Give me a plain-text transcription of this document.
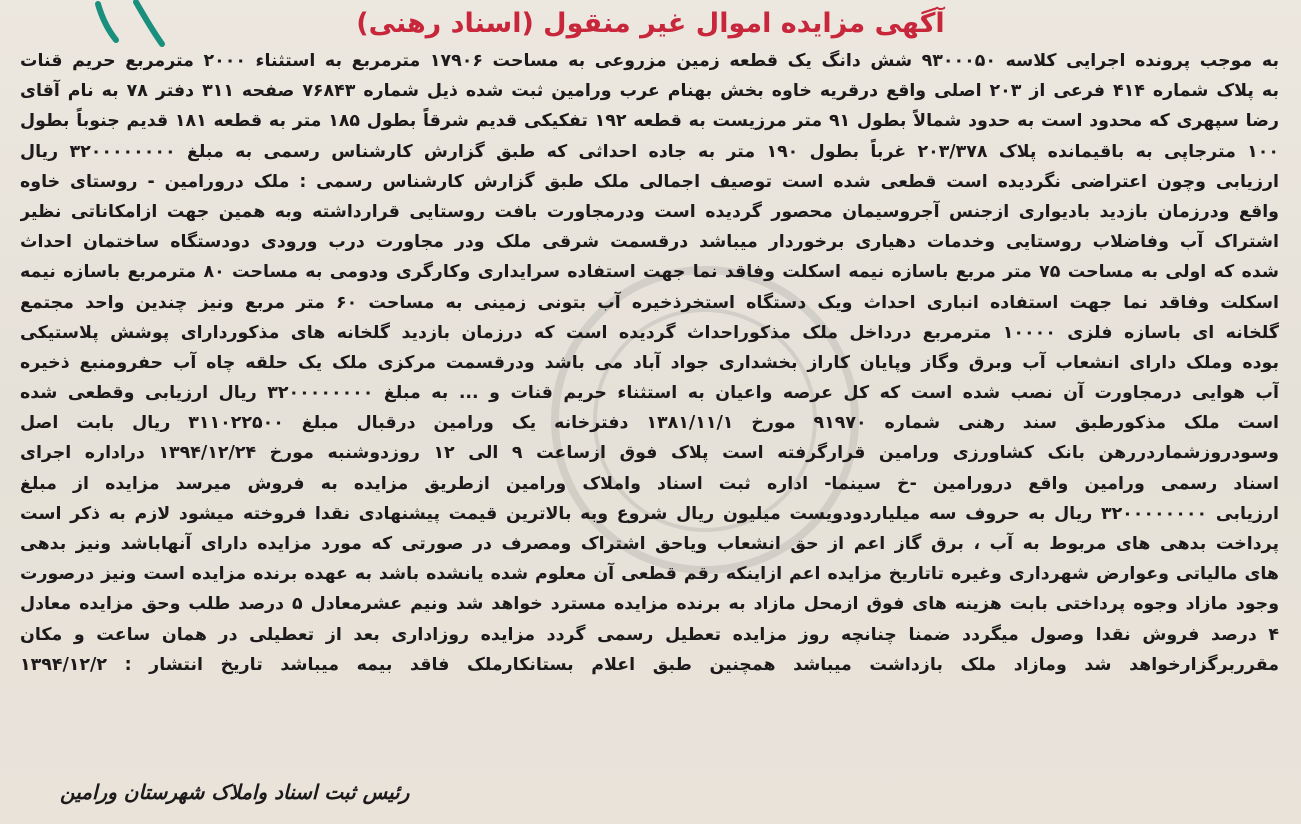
آگهی مزایده اموال غیر منقول (اسناد رهنی)
به موجب پرونده اجرایی کلاسه ۹۳۰۰۰۵۰ شش دانگ یک قطعه زمین مزروعی به مساحت ۱۷۹۰۶ مترمربع به استثناء ۲۰۰۰ مترمربع حریم قنات
به پلاک شماره ۴۱۴ فرعی از ۲۰۳ اصلی واقع درقریه خاوه بخش بهنام عرب ورامین ثبت شده ذیل شماره ۷۶۸۴۳ صفحه ۳۱۱ دفتر ۷۸ به نام آقای
رضا سپهری که محدود است به حدود شمالاً بطول ۹۱ متر مرزیست به قطعه ۱۹۲ تفکیکی قدیم شرقاً بطول ۱۸۵ متر به قطعه ۱۸۱ قدیم جنوباً بطول
۱۰۰ مترجاپی به باقیمانده پلاک ۲۰۳/۳۷۸ غرباً بطول ۱۹۰ متر به جاده احداثی که طبق گزارش کارشناس رسمی به مبلغ ۳۲۰۰۰۰۰۰۰۰ ریال
ارزیابی وچون اعتراضی نگردیده است قطعی شده است توصیف اجمالی ملک طبق گزارش کارشناس رسمی : ملک درورامین - روستای خاوه
واقع ودرزمان بازدید بادیواری ازجنس آجروسیمان محصور گردیده است ودرمجاورت بافت روستایی قرارداشته وبه همین جهت ازامکاناتی نظیر
اشتراک آب وفاضلاب روستایی وخدمات دهیاری برخوردار میباشد درقسمت شرقی ملک ودر مجاورت درب ورودی دودستگاه ساختمان احداث
شده که اولی به مساحت ۷۵ متر مربع باسازه نیمه اسکلت وفاقد نما جهت استفاده سرایداری وکارگری ودومی به مساحت ۸۰ مترمربع باسازه نیمه
اسکلت وفاقد نما جهت استفاده انباری احداث ویک دستگاه استخرذخیره آب بتونی زمینی به مساحت ۶۰ متر مربع ونیز چندین واحد مجتمع
گلخانه ای باسازه فلزی ۱۰۰۰۰ مترمربع درداخل ملک مذکوراحداث گردیده است که درزمان بازدید گلخانه های مذکوردارای پوشش پلاستیکی
بوده وملک دارای انشعاب آب وبرق وگاز وپایان کاراز بخشداری جواد آباد می باشد ودرقسمت مرکزی ملک یک حلقه چاه آب حفرومنبع ذخیره
آب هوایی درمجاورت آن نصب شده است که کل عرصه واعیان به استثناء حریم قنات و ... به مبلغ ۳۲۰۰۰۰۰۰۰۰ ریال ارزیابی وقطعی شده
است ملک مذکورطبق سند رهنی شماره ۹۱۹۷۰ مورخ ۱۳۸۱/۱۱/۱ دفترخانه یک ورامین درقبال مبلغ ۳۱۱۰۲۲۵۰۰ ریال بابت اصل
وسودروزشماردررهن بانک کشاورزی ورامین قرارگرفته است پلاک فوق ازساعت ۹ الی ۱۲ روزدوشنبه مورخ ۱۳۹۴/۱۲/۲۴ دراداره اجرای
اسناد رسمی ورامین واقع درورامین -خ سینما- اداره ثبت اسناد واملاک ورامین ازطریق مزایده به فروش میرسد مزایده از مبلغ
ارزیابی ۳۲۰۰۰۰۰۰۰۰ ریال به حروف سه میلیاردودویست میلیون ریال شروع وبه بالاترین قیمت پیشنهادی نقدا فروخته میشود لازم به ذکر است
پرداخت بدهی های مربوط به آب ، برق گاز اعم از حق انشعاب ویاحق اشتراک ومصرف در صورتی که مورد مزایده دارای آنهاباشد ونیز بدهی
های مالیاتی وعوارض شهرداری وغیره تاتاریخ مزایده اعم ازاینکه رقم قطعی آن معلوم شده یانشده باشد به عهده برنده مزایده است ونیز درصورت
وجود مازاد وجوه پرداختی بابت هزینه های فوق ازمحل مازاد به برنده مزایده مسترد خواهد شد ونیم عشرمعادل ۵ درصد طلب وحق مزایده معادل
۴ درصد فروش نقدا وصول میگردد ضمنا چنانچه روز مزایده تعطیل رسمی گردد مزایده روزاداری بعد از تعطیلی در همان ساعت و مکان
مقرربرگزارخواهد شد ومازاد ملک بازداشت میباشد همچنین طبق اعلام بستانکارملک فاقد بیمه میباشد تاریخ انتشار : ۱۳۹۴/۱۲/۲
رئیس ثبت اسناد واملاک شهرستان ورامین
